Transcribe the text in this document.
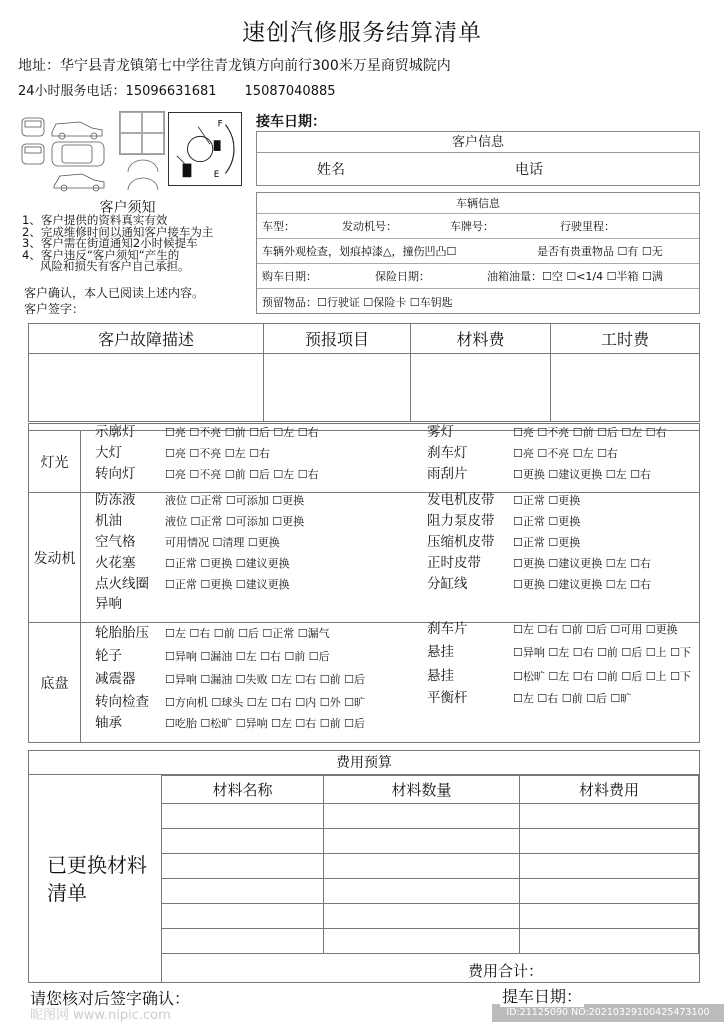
速创汽修服务结算清单
地址：华宁县青龙镇第七中学往青龙镇方向前行300米万星商贸城院内
24小时服务电话：15096631681 15087040885
接车日期：
F
E
客户须知
1、客户提供的资料真实有效
2、完成维修时间以通知客户接车为主
3、客户需在街道通知2小时候提车
4、客户违反“客户须知“产生的
风险和损失有客户自己承担。
客户确认，本人已阅读上述内容。
客户签字：
客户信息
姓名	电话
车辆信息
车型：	发动机号：	车牌号：	行驶里程：
车辆外观检查，划痕掉漆△，撞伤凹凸☐	是否有贵重物品 ☐有 ☐无
购车日期：	保险日期：	油箱油量：☐空 ☐<1/4 ☐半箱 ☐满
预留物品：☐行驶证 ☐保险卡 ☐车钥匙
客户故障描述	预报项目	材料费	工时费

灯光
发动机
底盘
示廓灯	☐亮 ☐不亮 ☐前 ☐后 ☐左 ☐右
大灯	☐亮 ☐不亮 ☐左 ☐右
转向灯	☐亮 ☐不亮 ☐前 ☐后 ☐左 ☐右
雾灯	☐亮 ☐不亮 ☐前 ☐后 ☐左 ☐右
刹车灯	☐亮 ☐不亮 ☐左 ☐右
雨刮片	☐更换 ☐建议更换 ☐左 ☐右
防冻液	液位 ☐正常 ☐可添加 ☐更换
机油	液位 ☐正常 ☐可添加 ☐更换
空气格	可用情况 ☐清理 ☐更换
火花塞	☐正常 ☐更换 ☐建议更换
点火线圈 ☐正常 ☐更换 ☐建议更换
异响
发电机皮带 ☐正常 ☐更换
阻力泵皮带 ☐正常 ☐更换
压缩机皮带 ☐正常 ☐更换
正时皮带	☐更换 ☐建议更换 ☐左 ☐右
分缸线	☐更换 ☐建议更换 ☐左 ☐右
轮胎胎压 ☐左 ☐右 ☐前 ☐后 ☐正常 ☐漏气
轮子	☐异响 ☐漏油 ☐左 ☐右 ☐前 ☐后
减震器	☐异响 ☐漏油 ☐失败 ☐左 ☐右 ☐前 ☐后
转向检查 ☐方向机 ☐球头 ☐左 ☐右 ☐内 ☐外 ☐旷
轴承	☐吃胎 ☐松旷 ☐异响 ☐左 ☐右 ☐前 ☐后
刹车片	☐左 ☐右 ☐前 ☐后 ☐可用 ☐更换
悬挂	☐异响 ☐左 ☐右 ☐前 ☐后 ☐上 ☐下
悬挂	☐松旷 ☐左 ☐右 ☐前 ☐后 ☐上 ☐下
平衡杆	☐左 ☐右 ☐前 ☐后 ☐旷
费用预算
已更换材料清单
材料名称	材料数量	材料费用

费用合计：
请您核对后签字确认：	提车日期：
昵图网 www.nipic.com	ID:21125090 NO:20210329100425473100
